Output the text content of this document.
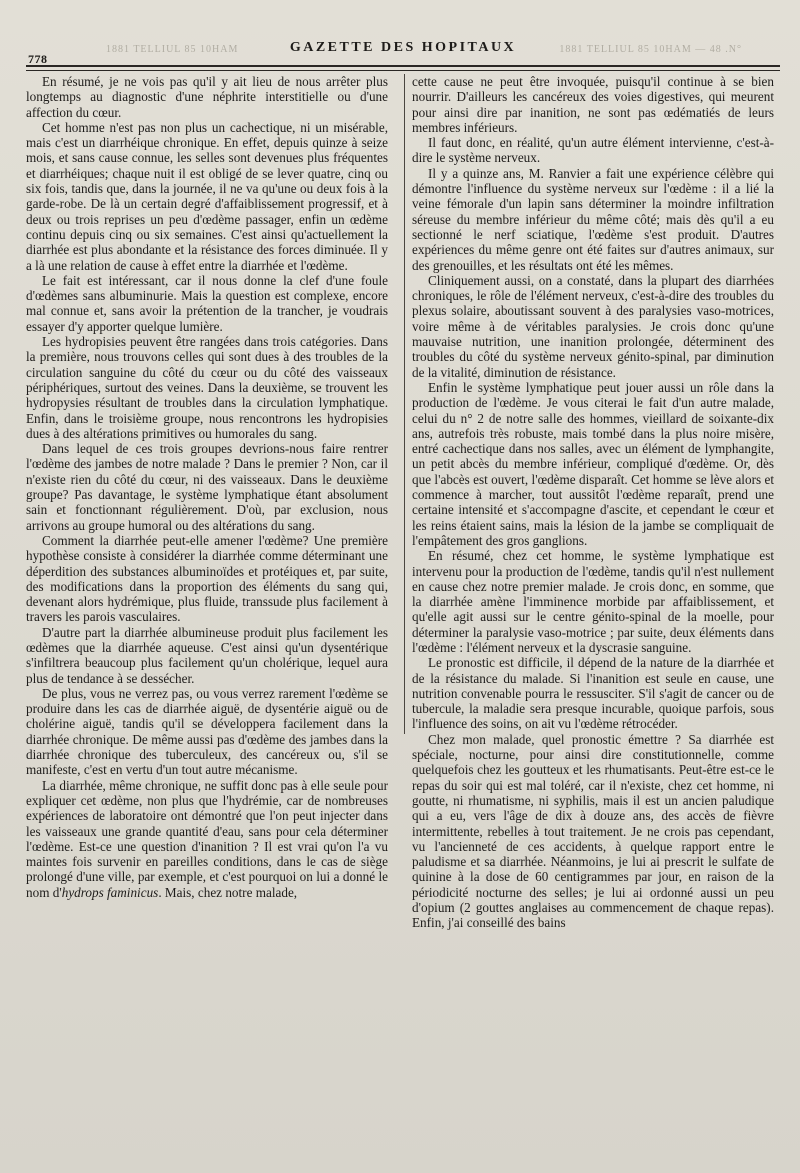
778
1881 TELLIUL 85 10HAM	GAZETTE DES HOPITAUX	1881 TELLIUL 85 10HAM — 48 .N°

En résumé, je ne vois pas qu'il y ait lieu de nous arrêter plus longtemps au diagnostic d'une néphrite interstitielle ou d'une affection du cœur.

Cet homme n'est pas non plus un cachectique, ni un misérable, mais c'est un diarrhéique chronique. En effet, depuis quinze à seize mois, et sans cause connue, les selles sont devenues plus fréquentes et diarrhéiques; chaque nuit il est obligé de se lever quatre, cinq ou six fois, tandis que, dans la journée, il ne va qu'une ou deux fois à la garde-robe. De là un certain degré d'affaiblissement progressif, et à deux ou trois reprises un peu d'œdème passager, enfin un œdème continu depuis cinq ou six semaines. C'est ainsi qu'actuellement la diarrhée est plus abondante et la résistance des forces diminuée. Il y a là une relation de cause à effet entre la diarrhée et l'œdème.

Le fait est intéressant, car il nous donne la clef d'une foule d'œdèmes sans albuminurie. Mais la question est complexe, encore mal connue et, sans avoir la prétention de la trancher, je voudrais essayer d'y apporter quelque lumière.

Les hydropisies peuvent être rangées dans trois catégories. Dans la première, nous trouvons celles qui sont dues à des troubles de la circulation sanguine du côté du cœur ou du côté des vaisseaux périphériques, surtout des veines. Dans la deuxième, se trouvent les hydropysies résultant de troubles dans la circulation lymphatique. Enfin, dans le troisième groupe, nous rencontrons les hydropisies dues à des altérations primitives ou humorales du sang.

Dans lequel de ces trois groupes devrions-nous faire rentrer l'œdème des jambes de notre malade ? Dans le premier ? Non, car il n'existe rien du côté du cœur, ni des vaisseaux. Dans le deuxième groupe? Pas davantage, le système lymphatique étant absolument sain et fonctionnant régulièrement. D'où, par exclusion, nous arrivons au groupe humoral ou des altérations du sang.

Comment la diarrhée peut-elle amener l'œdème? Une première hypothèse consiste à considérer la diarrhée comme déterminant une déperdition des substances albuminoïdes et protéiques et, par suite, des modifications dans la proportion des éléments du sang qui, devenant alors hydrémique, plus fluide, transsude plus facilement à travers les parois vasculaires.

D'autre part la diarrhée albumineuse produit plus facilement les œdèmes que la diarrhée aqueuse. C'est ainsi qu'un dysentérique s'infiltrera beaucoup plus facilement qu'un cholérique, lequel aura plus de tendance à se dessécher.

De plus, vous ne verrez pas, ou vous verrez rarement l'œdème se produire dans les cas de diarrhée aiguë, de dysentérie aiguë ou de cholérine aiguë, tandis qu'il se développera facilement dans la diarrhée chronique. De même aussi pas d'œdème des jambes dans la diarrhée chronique des tuberculeux, des cancéreux ou, s'il se manifeste, c'est en vertu d'un tout autre mécanisme.

La diarrhée, même chronique, ne suffit donc pas à elle seule pour expliquer cet œdème, non plus que l'hydrémie, car de nombreuses expériences de laboratoire ont démontré que l'on peut injecter dans les vaisseaux une grande quantité d'eau, sans pour cela déterminer l'œdème. Est-ce une question d'inanition ? Il est vrai qu'on l'a vu maintes fois survenir en pareilles conditions, dans le cas de siège prolongé d'une ville, par exemple, et c'est pourquoi on lui a donné le nom d'hydrops faminicus. Mais, chez notre malade,

cette cause ne peut être invoquée, puisqu'il continue à se bien nourrir. D'ailleurs les cancéreux des voies digestives, qui meurent pour ainsi dire par inanition, ne sont pas œdématiés de leurs membres inférieurs.

Il faut donc, en réalité, qu'un autre élément intervienne, c'est-à-dire le système nerveux.

Il y a quinze ans, M. Ranvier a fait une expérience célèbre qui démontre l'influence du système nerveux sur l'œdème : il a lié la veine fémorale d'un lapin sans déterminer la moindre infiltration séreuse du membre inférieur du même côté; mais dès qu'il a eu sectionné le nerf sciatique, l'œdème s'est produit. D'autres expériences du même genre ont été faites sur d'autres animaux, sur des grenouilles, et les résultats ont été les mêmes.

Cliniquement aussi, on a constaté, dans la plupart des diarrhées chroniques, le rôle de l'élément nerveux, c'est-à-dire des troubles du plexus solaire, aboutissant souvent à des paralysies vaso-motrices, voire même à de véritables paralysies. Je crois donc qu'une mauvaise nutrition, une inanition prolongée, déterminent des troubles du côté du système nerveux génito-spinal, par diminution de la vitalité, diminution de résistance.

Enfin le système lymphatique peut jouer aussi un rôle dans la production de l'œdème. Je vous citerai le fait d'un autre malade, celui du n° 2 de notre salle des hommes, vieillard de soixante-dix ans, autrefois très robuste, mais tombé dans la plus noire misère, entré cachectique dans nos salles, avec un élément de lymphangite, un petit abcès du membre inférieur, compliqué d'œdème. Or, dès que l'abcès est ouvert, l'œdème disparaît. Cet homme se lève alors et commence à marcher, tout aussitôt l'œdème reparaît, prend une certaine intensité et s'accompagne d'ascite, et cependant le cœur et les reins étaient sains, mais la lésion de la jambe se compliquait de l'empâtement des gros ganglions.

En résumé, chez cet homme, le système lymphatique est intervenu pour la production de l'œdème, tandis qu'il n'est nullement en cause chez notre premier malade. Je crois donc, en somme, que la diarrhée amène l'imminence morbide par affaiblissement, et qu'elle agit aussi sur le centre génito-spinal de la moelle, pour déterminer la paralysie vaso-motrice ; par suite, deux éléments dans l'œdème : l'élément nerveux et la dyscrasie sanguine.

Le pronostic est difficile, il dépend de la nature de la diarrhée et de la résistance du malade. Si l'inanition est seule en cause, une nutrition convenable pourra le ressusciter. S'il s'agit de cancer ou de tubercule, la maladie sera presque incurable, quoique parfois, sous l'influence des soins, on ait vu l'œdème rétrocéder.

Chez mon malade, quel pronostic émettre ? Sa diarrhée est spéciale, nocturne, pour ainsi dire constitutionnelle, comme quelquefois chez les goutteux et les rhumatisants. Peut-être est-ce le repas du soir qui est mal toléré, car il n'existe, chez cet homme, ni goutte, ni rhumatisme, ni syphilis, mais il est un ancien paludique qui a eu, vers l'âge de dix à douze ans, des accès de fièvre intermittente, rebelles à tout traitement. Je ne crois pas cependant, vu l'ancienneté de ces accidents, à quelque rapport entre le paludisme et sa diarrhée. Néanmoins, je lui ai prescrit le sulfate de quinine à la dose de 60 centigrammes par jour, en raison de la périodicité nocturne des selles; je lui ai ordonné aussi un peu d'opium (2 gouttes anglaises au commencement de chaque repas). Enfin, j'ai conseillé des bains
